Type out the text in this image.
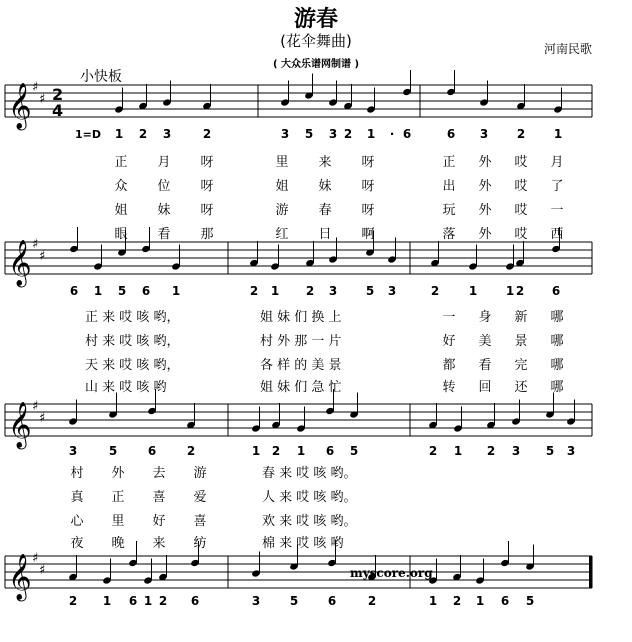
游春
(花伞舞曲)
( 大众乐谱网制谱 )
河南民歌
小快板
1=D
𝄞 ♯
♯ 2
4
1 2 3	2	3 5 3 2 1	· 6	6 3 2 1
正	月	呀	里	来	呀	正	外	哎	月
众	位	呀	姐	妹	呀	出	外	哎	了
姐	妹	呀	游	春	呀	玩	外	哎	一
眼	看	那	红	日	啊	落	外	哎	西
𝄞 ♯
♯
6 1 5 6 1	2 1 2 3 5 3	2 1 1 2 6
正 来 哎 咳 哟，	姐 妹 们 换 上	一	身	新	哪
村 来 哎 咳 哟，	村 外 那 一 片	好	美	景	哪
天 来 哎 咳 哟，	各 样 的 美 景	都	看	完	哪
山 来 哎 咳 哟	姐 妹 们 急 忙	转	回	还	哪
𝄞 ♯
♯
3	5	6	2	1 2 1 6 5	2 1 2 3 5 3
村	外	去	游	春 来 哎 咳 哟。
真	正	喜	爱	人 来 哎 咳 哟。
心	里	好	喜	欢 来 哎 咳 哟。
夜	晚	来	纺	棉 来 哎 咳 哟
𝄞 ♯
♯
2 1 6 1 2 6	3 5 6	2	1 2 1 6 5
myscore.org
